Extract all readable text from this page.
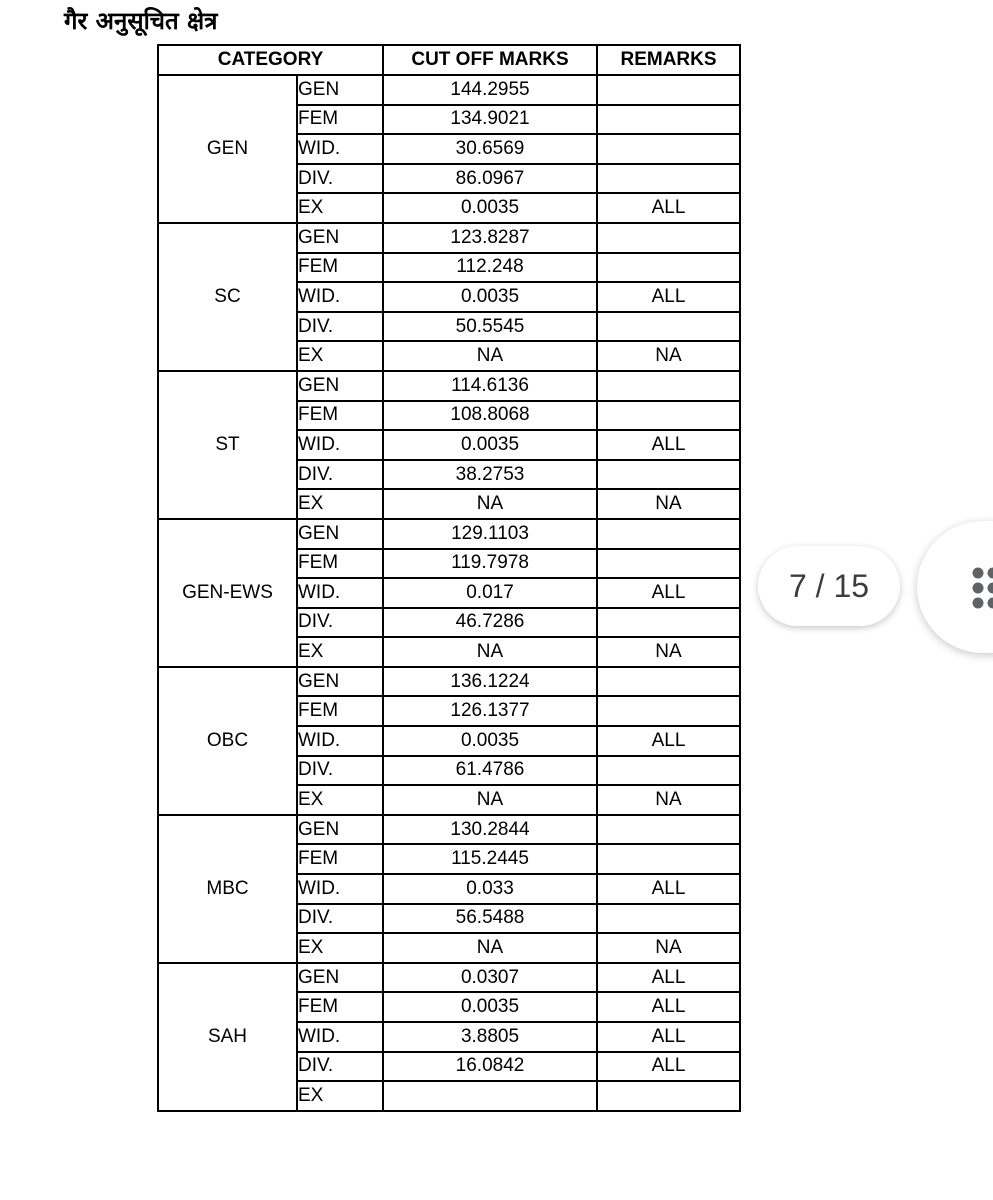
गैर अनुसूचित क्षेत्र
CATEGORY		CUT OFF MARKS	REMARKS
GEN	GEN	144.2955	
	FEM	134.9021	
	WID.	30.6569	
	DIV.	86.0967	
	EX	0.0035	ALL
SC	GEN	123.8287	
	FEM	112.248	
	WID.	0.0035	ALL
	DIV.	50.5545	
	EX	NA	NA
ST	GEN	114.6136	
	FEM	108.8068	
	WID.	0.0035	ALL
	DIV.	38.2753	
	EX	NA	NA
GEN-EWS	GEN	129.1103	
	FEM	119.7978	
	WID.	0.017	ALL
	DIV.	46.7286	
	EX	NA	NA
OBC	GEN	136.1224	
	FEM	126.1377	
	WID.	0.0035	ALL
	DIV.	61.4786	
	EX	NA	NA
MBC	GEN	130.2844	
	FEM	115.2445	
	WID.	0.033	ALL
	DIV.	56.5488	
	EX	NA	NA
SAH	GEN	0.0307	ALL
	FEM	0.0035	ALL
	WID.	3.8805	ALL
	DIV.	16.0842	ALL
	EX		
7 / 15
